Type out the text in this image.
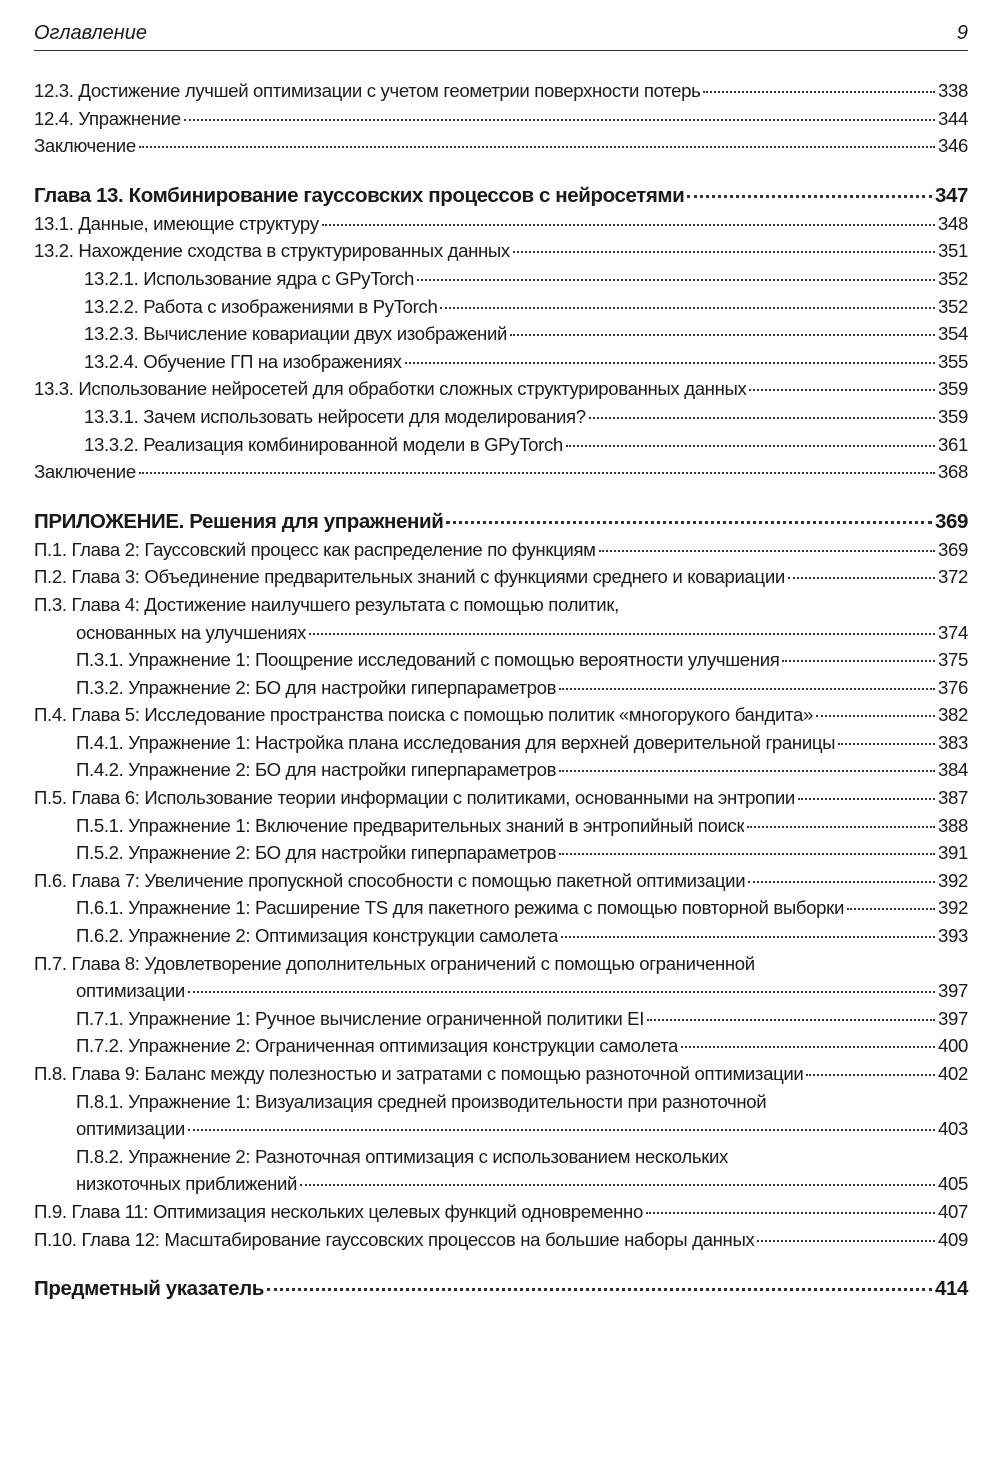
Оглавление	9
12.3. Достижение лучшей оптимизации с учетом геометрии поверхности потерь	338
12.4. Упражнение	344
Заключение	346
Глава 13. Комбинирование гауссовских процессов с нейросетями	347
13.1. Данные, имеющие структуру	348
13.2. Нахождение сходства в структурированных данных	351
13.2.1. Использование ядра с GPyTorch	352
13.2.2. Работа с изображениями в PyTorch	352
13.2.3. Вычисление ковариации двух изображений	354
13.2.4. Обучение ГП на изображениях	355
13.3. Использование нейросетей для обработки сложных структурированных данных	359
13.3.1. Зачем использовать нейросети для моделирования?	359
13.3.2. Реализация комбинированной модели в GPyTorch	361
Заключение	368
ПРИЛОЖЕНИЕ. Решения для упражнений	369
П.1. Глава 2: Гауссовский процесс как распределение по функциям	369
П.2. Глава 3: Объединение предварительных знаний с функциями среднего и ковариации	372
П.3. Глава 4: Достижение наилучшего результата с помощью политик,
основанных на улучшениях	374
П.3.1. Упражнение 1: Поощрение исследований с помощью вероятности улучшения	375
П.3.2. Упражнение 2: БО для настройки гиперпараметров	376
П.4. Глава 5: Исследование пространства поиска с помощью политик «многорукого бандита»	382
П.4.1. Упражнение 1: Настройка плана исследования для верхней доверительной границы	383
П.4.2. Упражнение 2: БО для настройки гиперпараметров	384
П.5. Глава 6: Использование теории информации с политиками, основанными на энтропии	387
П.5.1. Упражнение 1: Включение предварительных знаний в энтропийный поиск	388
П.5.2. Упражнение 2: БО для настройки гиперпараметров	391
П.6. Глава 7: Увеличение пропускной способности с помощью пакетной оптимизации	392
П.6.1. Упражнение 1: Расширение TS для пакетного режима с помощью повторной выборки	392
П.6.2. Упражнение 2: Оптимизация конструкции самолета	393
П.7. Глава 8: Удовлетворение дополнительных ограничений с помощью ограниченной
оптимизации	397
П.7.1. Упражнение 1: Ручное вычисление ограниченной политики EI	397
П.7.2. Упражнение 2: Ограниченная оптимизация конструкции самолета	400
П.8. Глава 9: Баланс между полезностью и затратами с помощью разноточной оптимизации	402
П.8.1. Упражнение 1: Визуализация средней производительности при разноточной
оптимизации	403
П.8.2. Упражнение 2: Разноточная оптимизация с использованием нескольких
низкоточных приближений	405
П.9. Глава 11: Оптимизация нескольких целевых функций одновременно	407
П.10. Глава 12: Масштабирование гауссовских процессов на большие наборы данных	409
Предметный указатель	414
